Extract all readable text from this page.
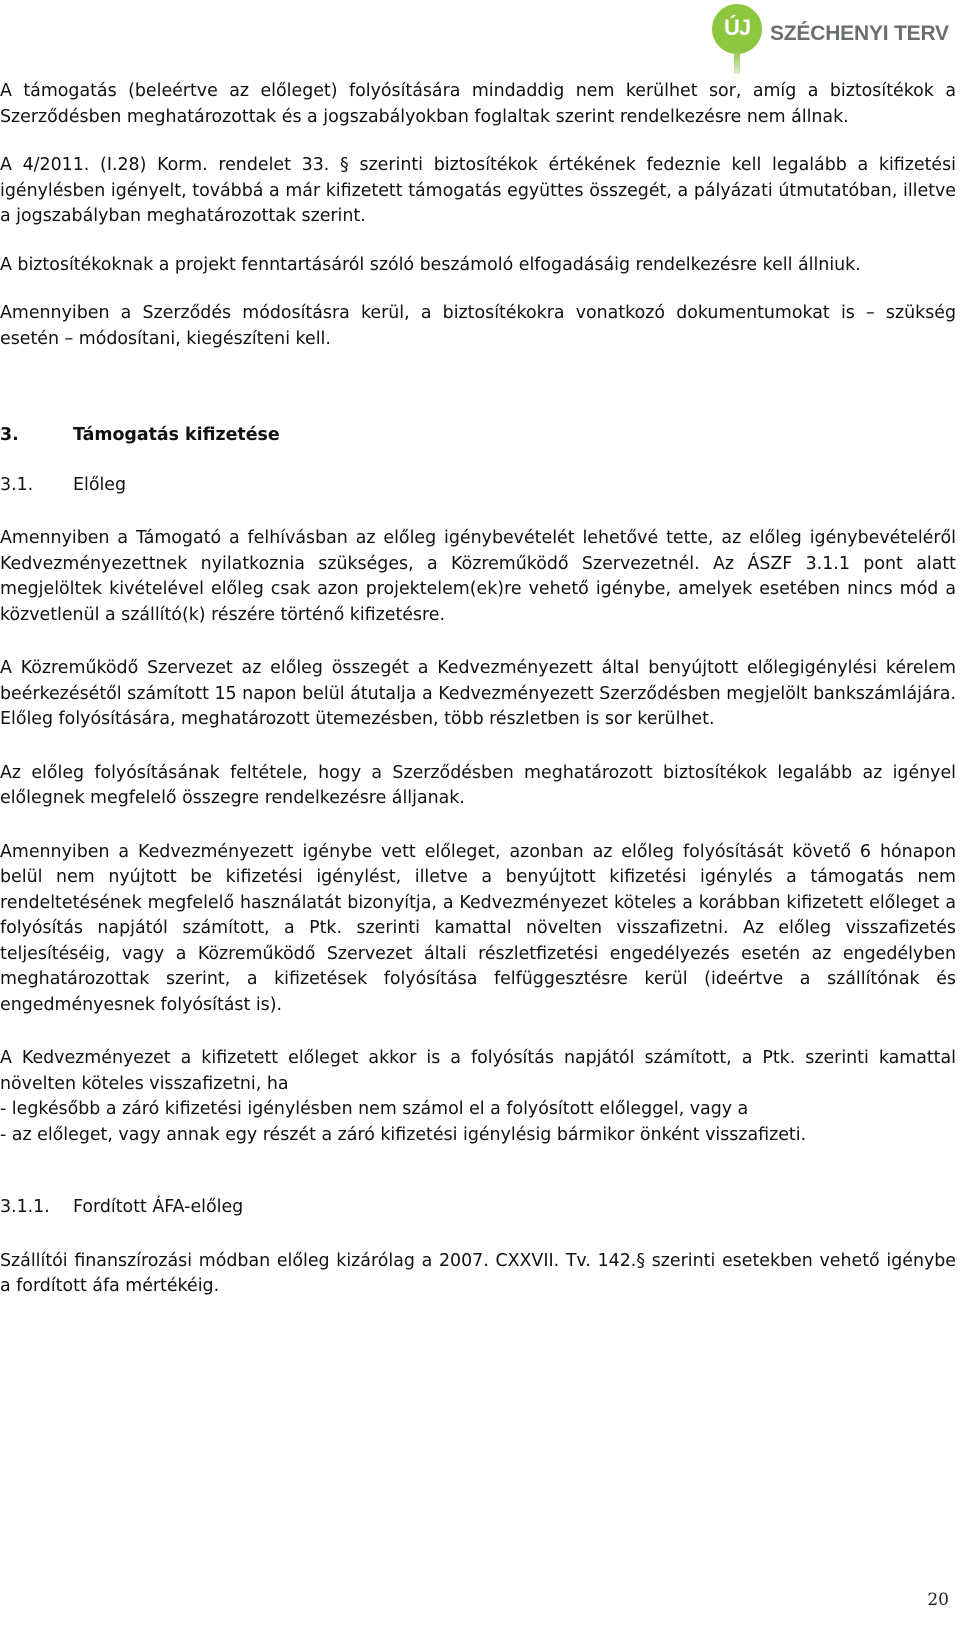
ÚJ SZÉCHENYI TERV

A támogatás (beleértve az előleget) folyósítására mindaddig nem kerülhet sor, amíg a biztosítékok a Szerződésben meghatározottak és a jogszabályokban foglaltak szerint rendelkezésre nem állnak.

A 4/2011. (I.28) Korm. rendelet 33. § szerinti biztosítékok értékének fedeznie kell legalább a kifizetési igénylésben igényelt, továbbá a már kifizetett támogatás együttes összegét, a pályázati útmutatóban, illetve a jogszabályban meghatározottak szerint.

A biztosítékoknak a projekt fenntartásáról szóló beszámoló elfogadásáig rendelkezésre kell állniuk.

Amennyiben a Szerződés módosításra kerül, a biztosítékokra vonatkozó dokumentumokat is – szükség esetén – módosítani, kiegészíteni kell.

3.	Támogatás kifizetése
3.1. Előleg

Amennyiben a Támogató a felhívásban az előleg igénybevételét lehetővé tette, az előleg igénybevételéről Kedvezményezettnek nyilatkoznia szükséges, a Közreműködő Szervezetnél. Az ÁSZF 3.1.1 pont alatt megjelöltek kivételével előleg csak azon projektelem(ek)re vehető igénybe, amelyek esetében nincs mód a közvetlenül a szállító(k) részére történő kifizetésre.

A Közreműködő Szervezet az előleg összegét a Kedvezményezett által benyújtott előlegigénylési kérelem beérkezésétől számított 15 napon belül átutalja a Kedvezményezett Szerződésben megjelölt bankszámlájára. Előleg folyósítására, meghatározott ütemezésben, több részletben is sor kerülhet.

Az előleg folyósításának feltétele, hogy a Szerződésben meghatározott biztosítékok legalább az igényel előlegnek megfelelő összegre rendelkezésre álljanak.

Amennyiben a Kedvezményezett igénybe vett előleget, azonban az előleg folyósítását követő 6 hónapon belül nem nyújtott be kifizetési igénylést, illetve a benyújtott kifizetési igénylés a támogatás nem rendeltetésének megfelelő használatát bizonyítja, a Kedvezményezet köteles a korábban kifizetett előleget a folyósítás napjától számított, a Ptk. szerinti kamattal növelten visszafizetni. Az előleg visszafizetés teljesítéséig, vagy a Közreműködő Szervezet általi részletfizetési engedélyezés esetén az engedélyben meghatározottak szerint, a kifizetések folyósítása felfüggesztésre kerül (ideértve a szállítónak és engedményesnek folyósítást is).

A Kedvezményezet a kifizetett előleget akkor is a folyósítás napjától számított, a Ptk. szerinti kamattal növelten köteles visszafizetni, ha

- legkésőbb a záró kifizetési igénylésben nem számol el a folyósított előleggel, vagy a

- az előleget, vagy annak egy részét a záró kifizetési igénylésig bármikor önként visszafizeti.

3.1.1. Fordított ÁFA-előleg

Szállítói finanszírozási módban előleg kizárólag a 2007. CXXVII. Tv. 142.§ szerinti esetekben vehető igénybe a fordított áfa mértékéig.

20
